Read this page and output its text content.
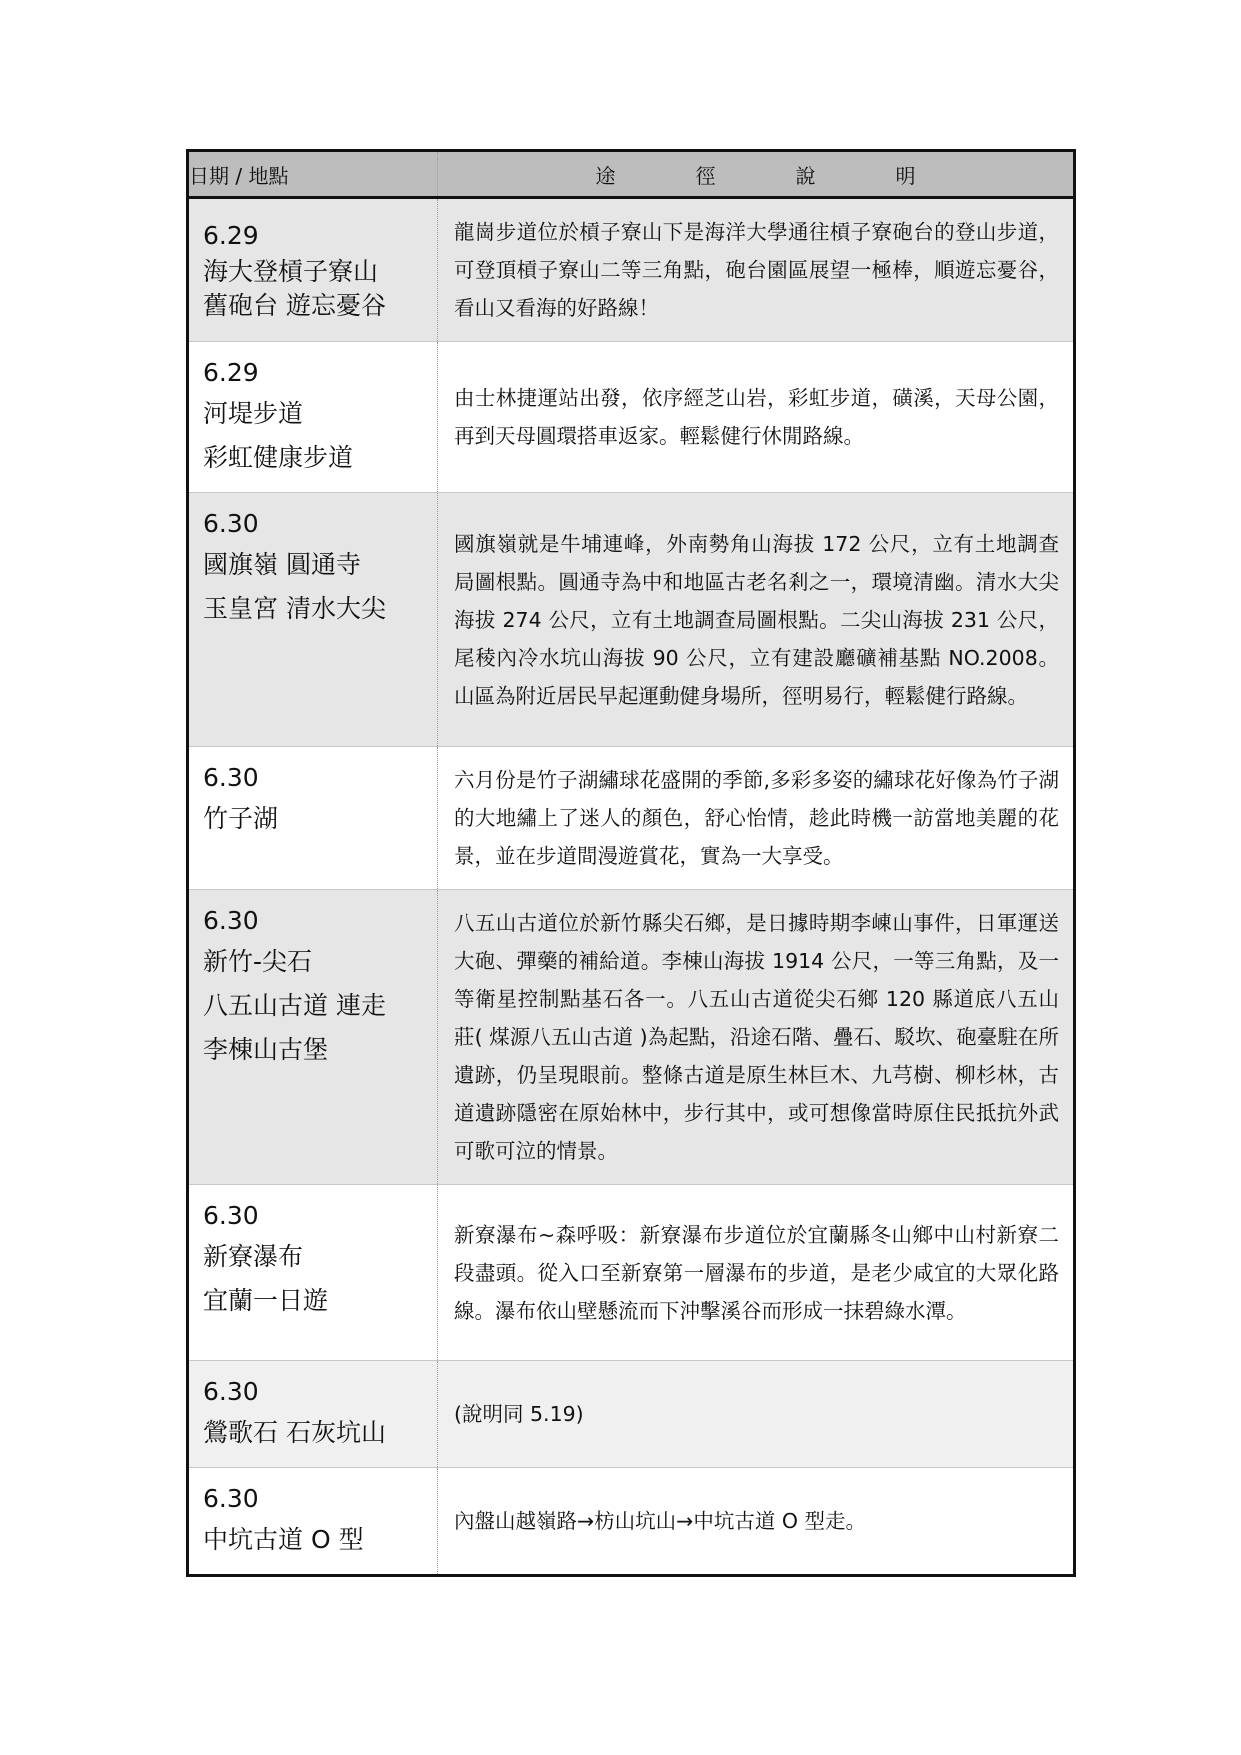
日期 / 地點	途 徑 說 明

6.29
海大登槓子寮山
舊砲台 遊忘憂谷	龍崗步道位於槓子寮山下是海洋大學通往槓子寮砲台的登山步道，可登頂槓子寮山二等三角點，砲台園區展望一極棒，順遊忘憂谷，看山又看海的好路線！

6.29
河堤步道
彩虹健康步道	由士林捷運站出發，依序經芝山岩，彩虹步道，磺溪，天母公園，再到天母圓環搭車返家。輕鬆健行休閒路線。

6.30
國旗嶺 圓通寺
玉皇宮 清水大尖	國旗嶺就是牛埔連峰，外南勢角山海拔 172 公尺，立有土地調查局圖根點。圓通寺為中和地區古老名剎之一，環境清幽。清水大尖海拔 274 公尺，立有土地調查局圖根點。二尖山海拔 231 公尺，尾稜內冷水坑山海拔 90 公尺，立有建設廳礦補基點 NO.2008。山區為附近居民早起運動健身場所，徑明易行，輕鬆健行路線。

6.30
竹子湖	六月份是竹子湖繡球花盛開的季節,多彩多姿的繡球花好像為竹子湖的大地繡上了迷人的顏色，舒心怡情，趁此時機一訪當地美麗的花景，並在步道間漫遊賞花，實為一大享受。

6.30
新竹-尖石
八五山古道 連走
李棟山古堡	八五山古道位於新竹縣尖石鄉，是日據時期李崠山事件，日軍運送大砲、彈藥的補給道。李棟山海拔 1914 公尺，一等三角點，及一等衛星控制點基石各一。八五山古道從尖石鄉 120 縣道底八五山莊( 煤源八五山古道 )為起點，沿途石階、疊石、駁坎、砲臺駐在所遺跡，仍呈現眼前。整條古道是原生林巨木、九芎樹、柳杉林，古道遺跡隱密在原始林中，步行其中，或可想像當時原住民抵抗外武可歌可泣的情景。

6.30
新寮瀑布
宜蘭一日遊	新寮瀑布~森呼吸：新寮瀑布步道位於宜蘭縣冬山鄉中山村新寮二段盡頭。從入口至新寮第一層瀑布的步道，是老少咸宜的大眾化路線。瀑布依山壁懸流而下沖擊溪谷而形成一抹碧綠水潭。

6.30
鶯歌石 石灰坑山	(說明同 5.19)

6.30
中坑古道 O 型	內盤山越嶺路→枋山坑山→中坑古道 O 型走。
